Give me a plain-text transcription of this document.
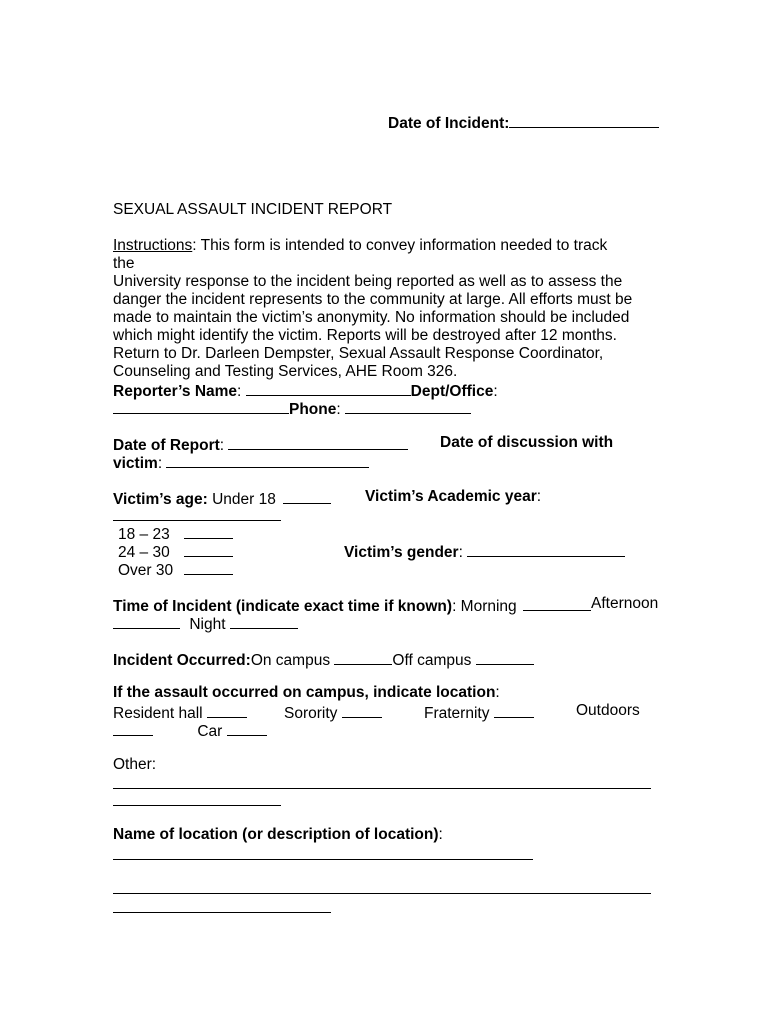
Date of Incident:
SEXUAL ASSAULT INCIDENT REPORT

Instructions: This form is intended to convey information needed to track the

University response to the incident being reported as well as to assess the

danger the incident represents to the community at large. All efforts must be

made to maintain the victim’s anonymity. No information should be included

which might identify the victim. Reports will be destroyed after 12 months.

Return to Dr. Darleen Dempster, Sexual Assault Response Coordinator,

Counseling and Testing Services, AHE Room 326.

Reporter’s Name:	Dept/Office:
Phone:
Date of Report:	Date of discussion with
victim:
Victim’s age: Under 18	Victim’s Academic year:
18 – 23
24 – 30
Over 30
Victim’s gender:
Time of Incident (indicate exact time if known): Morning	Afternoon
Night
Incident Occurred:On campus	Off campus
If the assault occurred on campus, indicate location:
Resident hall	Sorority	Fraternity	Outdoors
Car
Other:
Name of location (or description of location):
